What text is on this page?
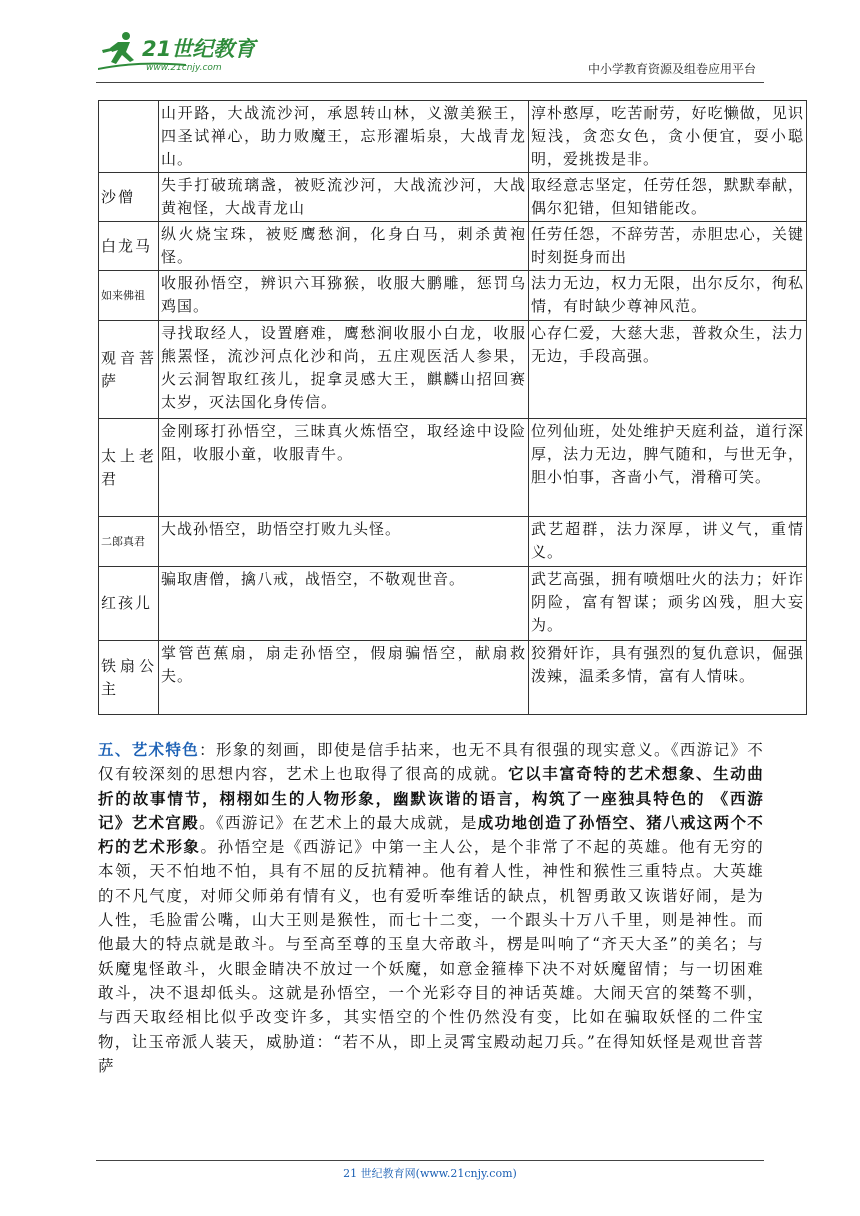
21世纪教育
www.21cnjy.com	中小学教育资源及组卷应用平台
	山开路，大战流沙河，承恩转山林，义激美猴王，四圣试禅心，助力败魔王，忘形濯垢泉，大战青龙山。	淳朴憨厚，吃苦耐劳，好吃懒做，见识短浅，贪恋女色，贪小便宜，耍小聪明，爱挑拨是非。
沙僧	失手打破琉璃盏，被贬流沙河，大战流沙河，大战黄袍怪，大战青龙山	取经意志坚定，任劳任怨，默默奉献，偶尔犯错，但知错能改。
白龙马	纵火烧宝珠，被贬鹰愁涧，化身白马，刺杀黄袍怪。	任劳任怨，不辞劳苦，赤胆忠心，关键时刻挺身而出
如来佛祖	收服孙悟空，辨识六耳猕猴，收服大鹏雕，惩罚乌鸡国。	法力无边，权力无限，出尔反尔，徇私情，有时缺少尊神风范。
观音菩萨	寻找取经人，设置磨难，鹰愁涧收服小白龙，收服熊罴怪，流沙河点化沙和尚，五庄观医活人参果，火云洞智取红孩儿，捉拿灵感大王，麒麟山招回赛太岁，灭法国化身传信。	心存仁爱，大慈大悲，普救众生，法力无边，手段高强。
太上老君	金刚琢打孙悟空，三昧真火炼悟空，取经途中设险阻，收服小童，收服青牛。	位列仙班，处处维护天庭利益，道行深厚，法力无边，脾气随和，与世无争，胆小怕事，吝啬小气，滑稽可笑。
二郎真君	大战孙悟空，助悟空打败九头怪。	武艺超群，法力深厚，讲义气，重情义。
红孩儿	骗取唐僧，擒八戒，战悟空，不敬观世音。	武艺高强，拥有喷烟吐火的法力；奸诈阴险，富有智谋；顽劣凶残，胆大妄为。
铁扇公主	掌管芭蕉扇，扇走孙悟空，假扇骗悟空，献扇救夫。	狡猾奸诈，具有强烈的复仇意识，倔强泼辣，温柔多情，富有人情味。
五、艺术特色：形象的刻画，即使是信手拈来，也无不具有很强的现实意义。《西游记》不仅有较深刻的思想内容，艺术上也取得了很高的成就。它以丰富奇特的艺术想象、生动曲折的故事情节，栩栩如生的人物形象，幽默诙谐的语言，构筑了一座独具特色的 《西游记》艺术宫殿。《西游记》在艺术上的最大成就，是成功地创造了孙悟空、猪八戒这两个不朽的艺术形象。孙悟空是《西游记》中第一主人公，是个非常了不起的英雄。他有无穷的本领，天不怕地不怕，具有不屈的反抗精神。他有着人性，神性和猴性三重特点。大英雄的不凡气度，对师父师弟有情有义，也有爱听奉维话的缺点，机智勇敢又诙谐好闹，是为人性，毛脸雷公嘴，山大王则是猴性，而七十二变，一个跟头十万八千里，则是神性。而他最大的特点就是敢斗。与至高至尊的玉皇大帝敢斗，楞是叫响了“齐天大圣”的美名；与妖魔鬼怪敢斗，火眼金睛决不放过一个妖魔，如意金箍棒下决不对妖魔留情；与一切困难敢斗，决不退却低头。这就是孙悟空，一个光彩夺目的神话英雄。大闹天宫的桀骜不驯，与西天取经相比似乎改变许多，其实悟空的个性仍然没有变，比如在骗取妖怪的二件宝物，让玉帝派人装天，威胁道：“若不从，即上灵霄宝殿动起刀兵。”在得知妖怪是观世音菩萨
21 世纪教育网(www.21cnjy.com)
